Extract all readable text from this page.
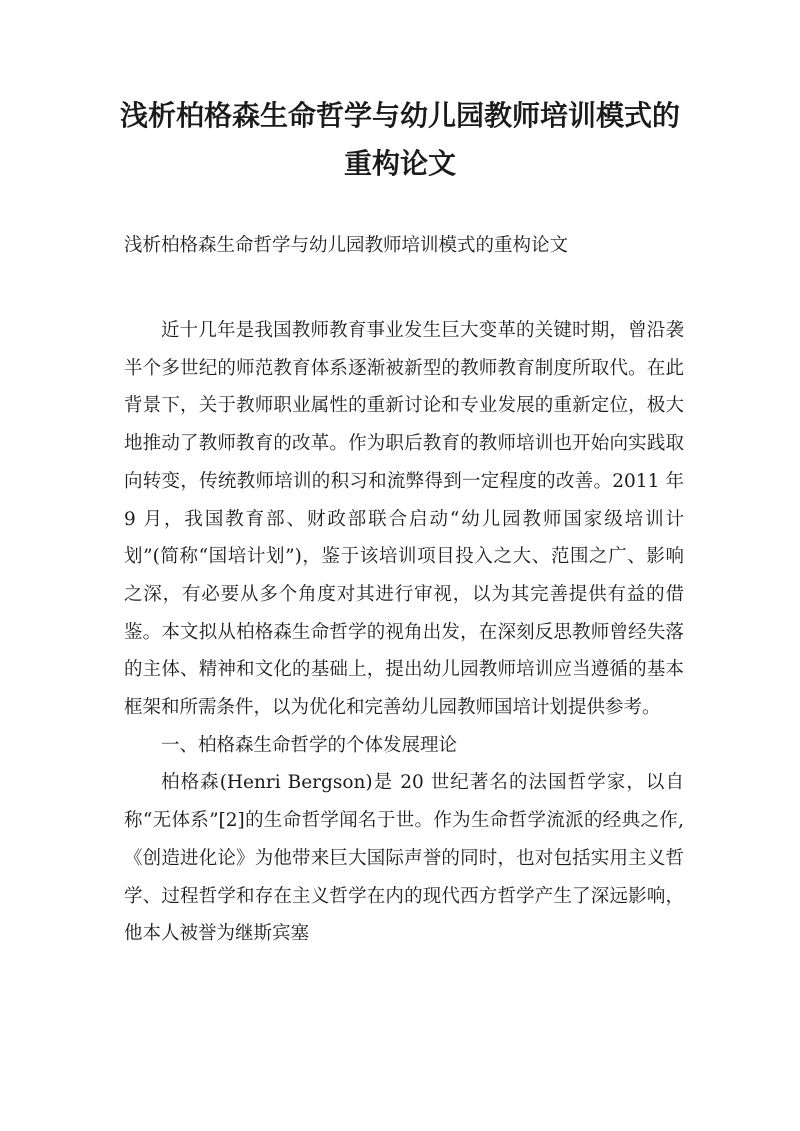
浅析柏格森生命哲学与幼儿园教师培训模式的重构论文

浅析柏格森生命哲学与幼儿园教师培训模式的重构论文

近十几年是我国教师教育事业发生巨大变革的关键时期，曾沿袭半个多世纪的师范教育体系逐渐被新型的教师教育制度所取代。在此背景下，关于教师职业属性的重新讨论和专业发展的重新定位，极大地推动了教师教育的改革。作为职后教育的教师培训也开始向实践取向转变，传统教师培训的积习和流弊得到一定程度的改善。2011 年 9 月，我国教育部、财政部联合启动“幼儿园教师国家级培训计划”(简称“国培计划”)，鉴于该培训项目投入之大、范围之广、影响之深，有必要从多个角度对其进行审视，以为其完善提供有益的借鉴。本文拟从柏格森生命哲学的视角出发，在深刻反思教师曾经失落的主体、精神和文化的基础上，提出幼儿园教师培训应当遵循的基本框架和所需条件，以为优化和完善幼儿园教师国培计划提供参考。

一、柏格森生命哲学的个体发展理论

柏格森(Henri Bergson)是 20 世纪著名的法国哲学家，以自称“无体系”[2]的生命哲学闻名于世。作为生命哲学流派的经典之作,《创造进化论》为他带来巨大国际声誉的同时，也对包括实用主义哲学、过程哲学和存在主义哲学在内的现代西方哲学产生了深远影响，他本人被誉为继斯宾塞
